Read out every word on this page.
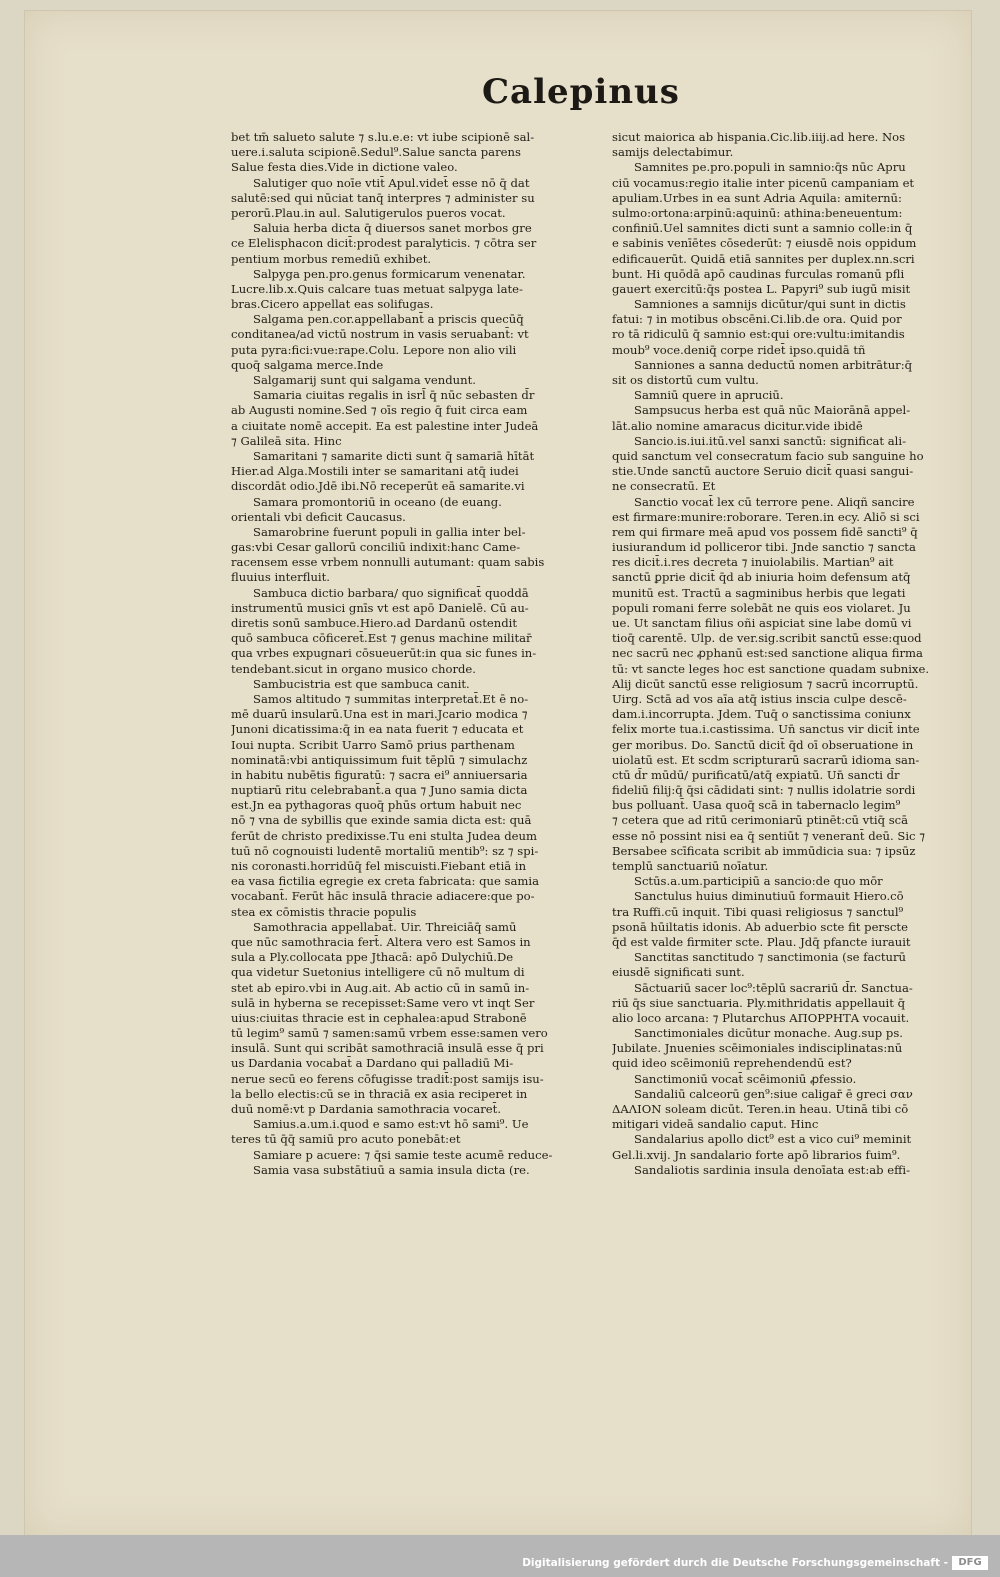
Calepinus
bet tm̄ salueto salute ⁊ s.lu.e.e: vt iube scipionē sal-
uere.i.saluta scipionē.Sedul⁹.Salue sancta parens
Salue festa dies.Vide in dictione valeo.
Salutiger quo noīe vtit̄ Apul.videt̄ esse nō q̄ dat
salutē:sed qui nūciat tanq̄ interpres ⁊ administer su
perorū.Plau.in aul. Salutigerulos pueros vocat.
Saluia herba dicta q̄ diuersos sanet morbos gre
ce Elelisphacon dicit̄:prodest paralyticis. ⁊ cōtra ser
pentium morbus remediū exhibet.
Salpyga pen.pro.genus formicarum venenatar.
Lucre.lib.x.Quis calcare tuas metuat salpyga late-
bras.Cicero appellat eas solifugas.
Salgama pen.cor.appellabant̄ a priscis quecūq̄
conditanea/ad victū nostrum in vasis seruabant̄: vt
puta pyra:fici:vue:rape.Colu. Lepore non alio vili
quoq̄ salgama merce.Inde
Salgamarij sunt qui salgama vendunt.
Samaria ciuitas regalis in isrl̄ q̄ nūc sebasten d̄r
ab Augusti nomine.Sed ⁊ oīs regio q̄ fuit circa eam
a ciuitate nomē accepit. Ea est palestine inter Judeā
⁊ Galileā sita. Hinc
Samaritani ⁊ samarite dicti sunt q̄ samariā hītāt
Hier.ad Alga.Mostili inter se samaritani atq̄ iudei
discordāt odio.Jdē ibi.Nō receperūt eā samarite.vi
Samara promontoriū in oceano (de euang.
orientali vbi deficit Caucasus.
Samarobrine fuerunt populi in gallia inter bel-
gas:vbi Cesar gallorū conciliū indixit:hanc Came-
racensem esse vrbem nonnulli autumant: quam sabis
fluuius interfluit.
Sambuca dictio barbara/ quo significat̄ quoddā
instrumentū musici gnīs vt est apō Danielē. Cū au-
diretis sonū sambuce.Hiero.ad Dardanū ostendit
quō sambuca cōficeret̄.Est ⁊ genus machine militar̄
qua vrbes expugnari cōsueuerūt:in qua sic funes in-
tendebant.sicut in organo musico chorde.
Sambucistria est que sambuca canit.
Samos altitudo ⁊ summitas interpretat̄.Et ē no-
mē duarū insularū.Una est in mari.Jcario modica ⁊
Junoni dicatissima:q̄ in ea nata fuerit ⁊ educata et
Ioui nupta. Scribit Uarro Samō prius parthenam
nominatā:vbi antiquissimum fuit tēplū ⁊ simulachz
in habitu nubētis figuratū: ⁊ sacra ei⁹ anniuersaria
nuptiarū ritu celebrabant̄.a qua ⁊ Juno samia dicta
est.Jn ea pythagoras quoq̄ phūs ortum habuit nec
nō ⁊ vna de sybillis que exinde samia dicta est: quā
ferūt de christo predixisse.Tu eni stulta Judea deum
tuū nō cognouisti ludentē mortaliū mentib⁹: sz ⁊ spi-
nis coronasti.horridūq̄ fel miscuisti.Fiebant etiā in
ea vasa fictilia egregie ex creta fabricata: que samia
vocabant̄. Ferūt hāc insulā thracie adiacere:que po-
stea ex cōmistis thracie populis
Samothracia appellabat̄. Uir. Threiciāq̄ samū
que nūc samothracia fert̄. Altera vero est Samos in
sula a Ply.collocata ppe Jthacā: apō Dulychiū.De
qua videtur Suetonius intelligere cū nō multum di
stet ab epiro.vbi in Aug.ait. Ab actio cū in samū in-
sulā in hyberna se recepisset:Same vero vt inqt Ser
uius:ciuitas thracie est in cephalea:apud Strabonē
tū legim⁹ samū ⁊ samen:samū vrbem esse:samen vero
insulā. Sunt qui scribāt samothraciā insulā esse q̄ pri
us Dardania vocabat̄ a Dardano qui palladiū Mi-
nerue secū eo ferens cōfugisse tradit̄:post samijs isu-
la bello electis:cū se in thraciā ex asia reciperet in
duū nomē:vt p Dardania samothracia vocaret̄.
Samius.a.um.i.quod e samo est:vt hō sami⁹. Ue
teres tū q̄q̄ samiū pro acuto ponebāt:et
Samiare p acuere: ⁊ q̄si samie teste acumē reduce-
Samia vasa substātiuū a samia insula dicta (re.
sicut maiorica ab hispania.Cic.lib.iiij.ad here. Nos
samijs delectabimur.
Samnites pe.pro.populi in samnio:q̄s nūc Apru
ciū vocamus:regio italie inter picenū campaniam et
apuliam.Urbes in ea sunt Adria Aquila: amiternū:
sulmo:ortona:arpinū:aquinū: athina:beneuentum:
confiniū.Uel samnites dicti sunt a samnio colle:in q̄
e sabinis venīētes cōsederūt: ⁊ eiusdē nois oppidum
edificauerūt. Quidā etiā sannites per duplex.nn.scri
bunt. Hi quōdā apō caudinas furculas romanū pfli
gauert exercitū:q̄s postea L. Papyri⁹ sub iugū misit
Samniones a samnijs dicūtur/qui sunt in dictis
fatui: ⁊ in motibus obscēni.Ci.lib.de ora. Quid por
ro tā ridiculū q̄ samnio est:qui ore:vultu:imitandis
moub⁹ voce.deniq̄ corpe ridet̄ ipso.quidā tñ
Sanniones a sanna deductū nomen arbitrātur:q̄
sit os distortū cum vultu.
Samniū quere in apruciū.
Sampsucus herba est quā nūc Maiorānā appel-
lāt.alio nomine amaracus dicitur.vide ibidē
Sancio.is.iui.itū.vel sanxi sanctū: significat ali-
quid sanctum vel consecratum facio sub sanguine ho
stie.Unde sanctū auctore Seruio dicit̄ quasi sangui-
ne consecratū. Et
Sanctio vocat̄ lex cū terrore pene. Aliqñ sancire
est firmare:munire:roborare. Teren.in ecy. Aliō si sci
rem qui firmare meā apud vos possem fidē sancti⁹ q̄
iusiurandum id polliceror tibi. Jnde sanctio ⁊ sancta
res dicit̄.i.res decreta ⁊ inuiolabilis. Martian⁹ ait
sanctū ꝑprie dicit̄ q̄d ab iniuria hoim defensum atq̄
munitū est. Tractū a sagminibus herbis que legati
populi romani ferre solebāt ne quis eos violaret. Ju
ue. Ut sanctam filius oñi aspiciat sine labe domū vi
tioq̄ carentē. Ulp. de ver.sig.scribit sanctū esse:quod
nec sacrū nec ꝓphanū est:sed sanctione aliqua firma
tū: vt sancte leges hoc est sanctione quadam subnixe.
Alij dicūt sanctū esse religiosum ⁊ sacrū incorruptū.
Uirg. Sctā ad vos aīa atq̄ istius inscia culpe descē-
dam.i.incorrupta. Jdem. Tuq̄ o sanctissima coniunx
felix morte tua.i.castissima. Un̄ sanctus vir dicit̄ inte
ger moribus. Do. Sanctū dicit̄ q̄d oī obseruatione in
uiolatū est. Et scdm scripturarū sacrarū idioma san-
ctū d̄r mūdū/ purificatū/atq̄ expiatū. Un̄ sancti d̄r
fideliū filij:q̄ q̄si cādidati sint: ⁊ nullis idolatrie sordi
bus polluant̄. Uasa quoq̄ scā in tabernaclo legim⁹
⁊ cetera que ad ritū cerimoniarū ptinēt:cū vtiq̄ scā
esse nō possint nisi ea q̄ sentiūt ⁊ venerant̄ deū. Sic ⁊
Bersabee scīficata scribit ab immūdicia sua: ⁊ ipsūz
templū sanctuariū noīatur.
Sctūs.a.um.participiū a sancio:de quo mōr
Sanctulus huius diminutiuū formauit Hiero.cō
tra Ruffi.cū inquit. Tibi quasi religiosus ⁊ sanctul⁹
psonā hūiltatis idonis. Ab aduerbio scte fit perscte
q̄d est valde firmiter scte. Plau. Jdq̄ pfancte iurauit
Sanctitas sanctitudo ⁊ sanctimonia (se facturū
eiusdē significati sunt.
Sāctuariū sacer loc⁹:tēplū sacrariū d̄r. Sanctua-
riū q̄s siue sanctuaria. Ply.mithridatis appellauit q̄
alio loco arcana: ⁊ Plutarchus ΑΠΟΡΡΗΤΑ vocauit.
Sanctimoniales dicūtur monache. Aug.sup ps.
Jubilate. Jnuenies scēimoniales indisciplinatas:nū
quid ideo scēimoniū reprehendendū est?
Sanctimoniū vocat̄ scēimoniū ꝓfessio.
Sandaliū calceorū gen⁹:siue caligar̄ ē greci σαν
ΔΑΛΙΟΝ soleam dicūt. Teren.in heau. Utinā tibi cō
mitigari videā sandalio caput. Hinc
Sandalarius apollo dict⁹ est a vico cui⁹ meminit
Gel.li.xvij. Jn sandalario forte apō librarios fuim⁹.
Sandaliotis sardinia insula denoīata est:ab effi-
Digitalisierung gefördert durch die Deutsche Forschungsgemeinschaft -	DFG
